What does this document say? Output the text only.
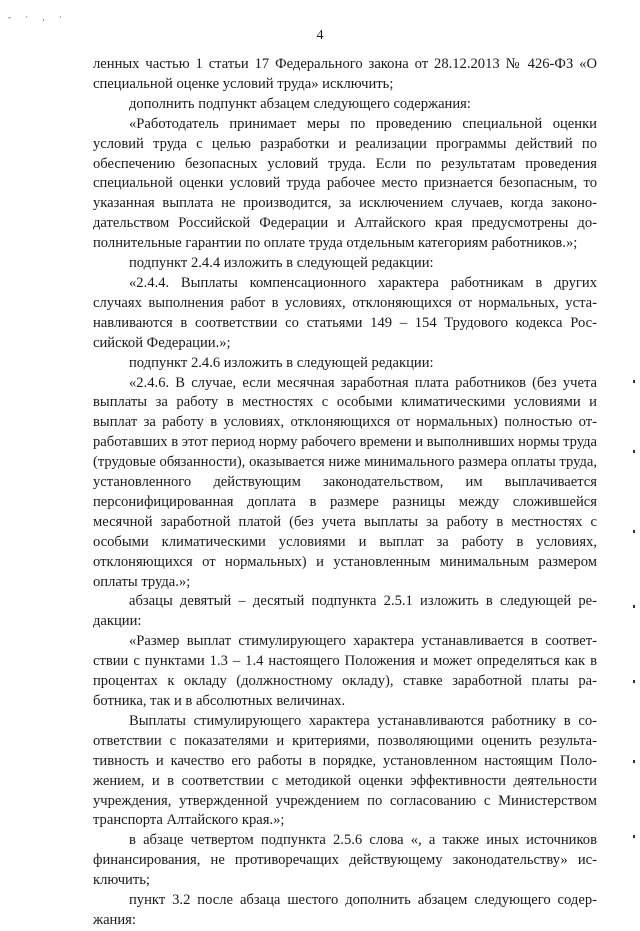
- · , ·
4

ленных частью 1 статьи 17 Федерального закона от 28.12.2013 № 426-ФЗ «О специальной оценке условий труда» исключить;

дополнить подпункт абзацем следующего содержания:

«Работодатель принимает меры по проведению специальной оценки условий труда с целью разработки и реализации программы действий по обеспечению безопасных условий труда. Если по результатам проведения специальной оценки условий труда рабочее место признается безопасным, то указанная выплата не производится, за исключением случаев, когда законодательством Российской Федерации и Алтайского края предусмотрены дополнительные гарантии по оплате труда отдельным категориям работников.»;

подпункт 2.4.4 изложить в следующей редакции:

«2.4.4. Выплаты компенсационного характера работникам в других случаях выполнения работ в условиях, отклоняющихся от нормальных, устанавливаются в соответствии со статьями 149 – 154 Трудового кодекса Российской Федерации.»;

подпункт 2.4.6 изложить в следующей редакции:

«2.4.6. В случае, если месячная заработная плата работников (без учета выплаты за работу в местностях с особыми климатическими условиями и выплат за работу в условиях, отклоняющихся от нормальных) полностью отработавших в этот период норму рабочего времени и выполнивших нормы труда (трудовые обязанности), оказывается ниже минимального размера оплаты труда, установленного действующим законодательством, им выплачивается персонифицированная доплата в размере разницы между сложившейся месячной заработной платой (без учета выплаты за работу в местностях с особыми климатическими условиями и выплат за работу в условиях, отклоняющихся от нормальных) и установленным минимальным размером оплаты труда.»;

абзацы девятый – десятый подпункта 2.5.1 изложить в следующей редакции:

«Размер выплат стимулирующего характера устанавливается в соответствии с пунктами 1.3 – 1.4 настоящего Положения и может определяться как в процентах к окладу (должностному окладу), ставке заработной платы работника, так и в абсолютных величинах.

Выплаты стимулирующего характера устанавливаются работнику в соответствии с показателями и критериями, позволяющими оценить результативность и качество его работы в порядке, установленном настоящим Положением, и в соответствии с методикой оценки эффективности деятельности учреждения, утвержденной учреждением по согласованию с Министерством транспорта Алтайского края.»;

в абзаце четвертом подпункта 2.5.6 слова «, а также иных источников финансирования, не противоречащих действующему законодательству» исключить;

пункт 3.2 после абзаца шестого дополнить абзацем следующего содержания:
